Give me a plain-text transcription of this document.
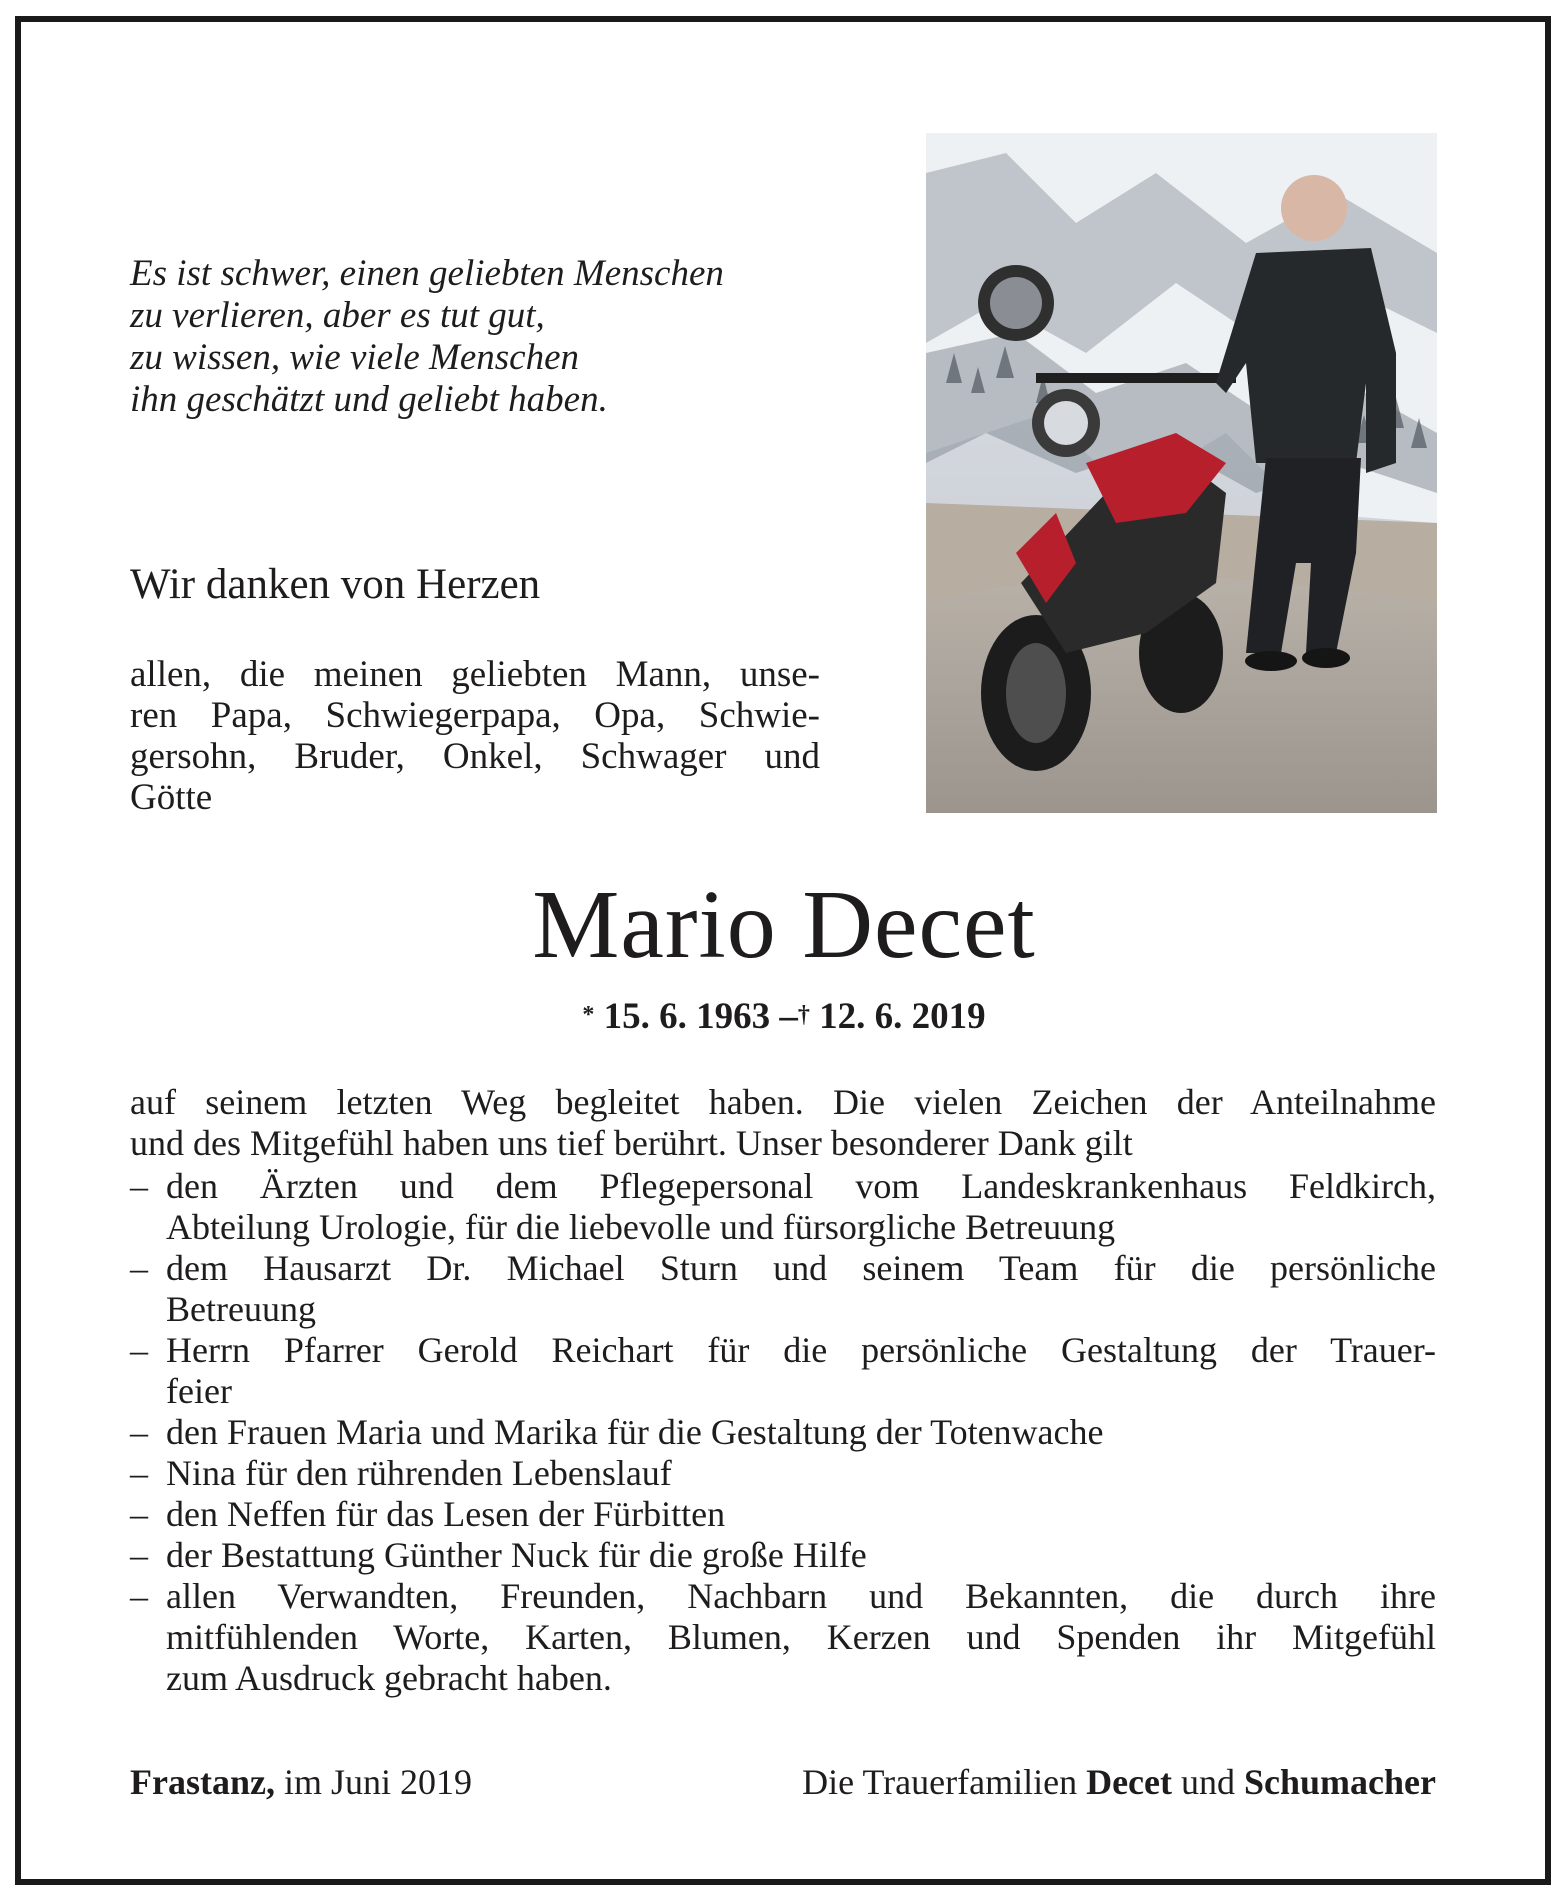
Es ist schwer, einen geliebten Menschen
zu verlieren, aber es tut gut,
zu wissen, wie viele Menschen
ihn geschätzt und geliebt haben.
Wir danken von Herzen
allen, die meinen geliebten Mann, unse-
ren Papa, Schwiegerpapa, Opa, Schwie-
gersohn, Bruder, Onkel, Schwager und
Götte
Mario Decet
* 15. 6. 1963 –† 12. 6. 2019
auf seinem letzten Weg begleitet haben. Die vielen Zeichen der Anteilnahme
und des Mitgefühl haben uns tief berührt. Unser besonderer Dank gilt
– den Ärzten und dem Pflegepersonal vom Landeskrankenhaus Feldkirch,
Abteilung Urologie, für die liebevolle und fürsorgliche Betreuung
– dem Hausarzt Dr. Michael Sturn und seinem Team für die persönliche
Betreuung
– Herrn Pfarrer Gerold Reichart für die persönliche Gestaltung der Trauer-
feier
– den Frauen Maria und Marika für die Gestaltung der Totenwache
– Nina für den rührenden Lebenslauf
– den Neffen für das Lesen der Fürbitten
– der Bestattung Günther Nuck für die große Hilfe
– allen Verwandten, Freunden, Nachbarn und Bekannten, die durch ihre
mitfühlenden Worte, Karten, Blumen, Kerzen und Spenden ihr Mitgefühl
zum Ausdruck gebracht haben.
Frastanz, im Juni 2019	Die Trauerfamilien Decet und Schumacher
